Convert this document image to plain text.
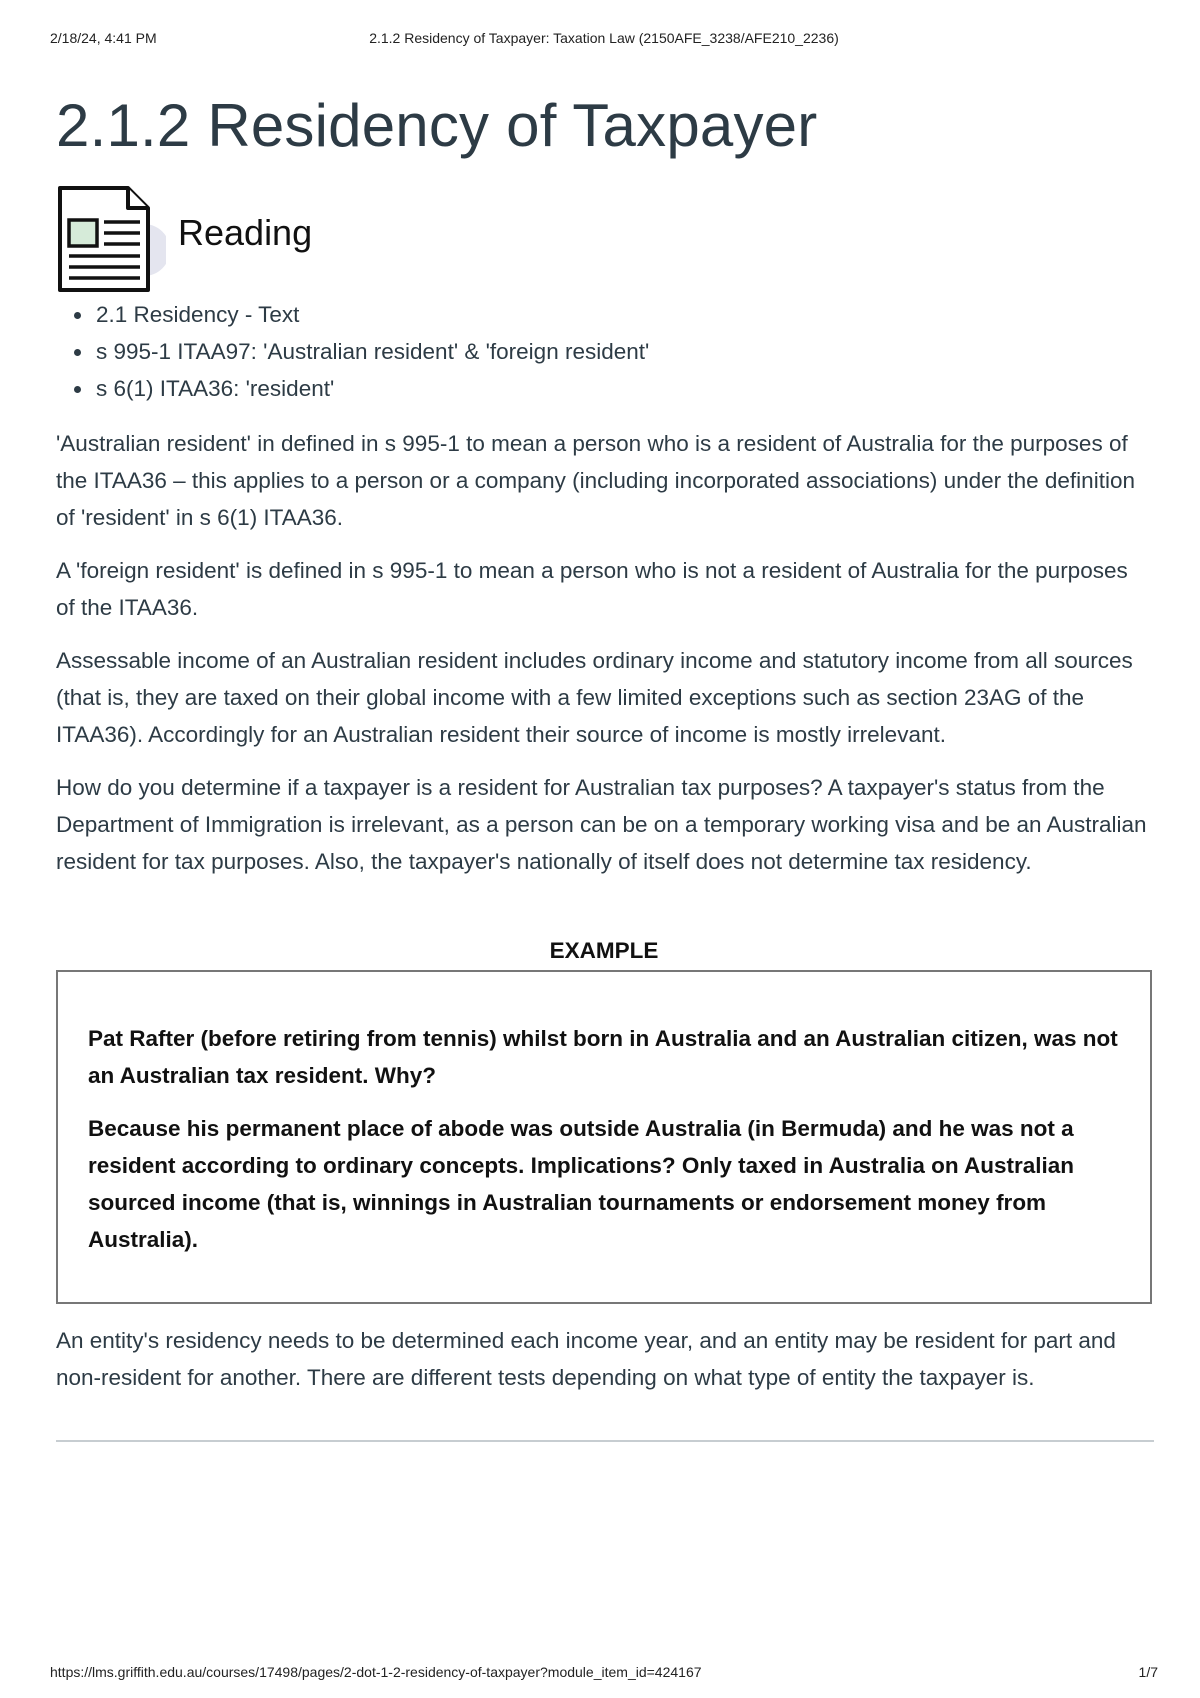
2/18/24, 4:41 PM	2.1.2 Residency of Taxpayer: Taxation Law (2150AFE_3238/AFE210_2236)
2.1.2 Residency of Taxpayer
Reading
• 2.1 Residency - Text
• s 995-1 ITAA97: 'Australian resident' & 'foreign resident'
• s 6(1) ITAA36: 'resident'

'Australian resident' in defined in s 995-1 to mean a person who is a resident of Australia for the purposes of the ITAA36 – this applies to a person or a company (including incorporated associations) under the definition of 'resident' in s 6(1) ITAA36.

A 'foreign resident' is defined in s 995-1 to mean a person who is not a resident of Australia for the purposes of the ITAA36.

Assessable income of an Australian resident includes ordinary income and statutory income from all sources (that is, they are taxed on their global income with a few limited exceptions such as section 23AG of the ITAA36). Accordingly for an Australian resident their source of income is mostly irrelevant.

How do you determine if a taxpayer is a resident for Australian tax purposes? A taxpayer's status from the Department of Immigration is irrelevant, as a person can be on a temporary working visa and be an Australian resident for tax purposes. Also, the taxpayer's nationally of itself does not determine tax residency.

EXAMPLE

Pat Rafter (before retiring from tennis) whilst born in Australia and an Australian citizen, was not an Australian tax resident. Why?

Because his permanent place of abode was outside Australia (in Bermuda) and he was not a resident according to ordinary concepts. Implications? Only taxed in Australia on Australian sourced income (that is, winnings in Australian tournaments or endorsement money from Australia).

An entity's residency needs to be determined each income year, and an entity may be resident for part and non-resident for another. There are different tests depending on what type of entity the taxpayer is.

https://lms.griffith.edu.au/courses/17498/pages/2-dot-1-2-residency-of-taxpayer?module_item_id=424167	1/7
